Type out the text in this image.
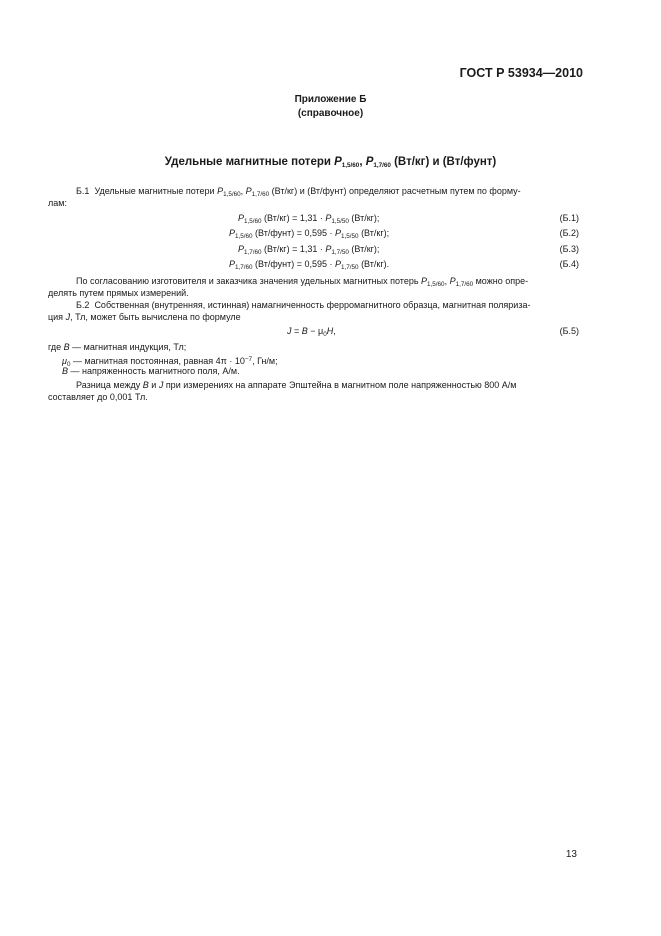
ГОСТ Р 53934—2010
Приложение Б
(справочное)
Удельные магнитные потери $P_{1,5/60}$, $P_{1,7/60}$ (Вт/кг) и (Вт/фунт)
Б.1 Удельные магнитные потери $P_{1,5/60}$, $P_{1,7/60}$ (Вт/кг) и (Вт/фунт) определяют расчетным путем по форму-
лам:
$P_{1,5/60}$ $(Вт/кг) = 1,31 \cdot P_{1,5/50}$ (Вт/кг);	(Б.1)
$P_{1,5/60}$ (Вт/фунт) = $0,595 \cdot P_{1,5/50}$ (Вт/кг);	(Б.2)
$P_{1,7/60}$ $(Вт/кг) = 1,31 \cdot P_{1,7/50}$ (Вт/кг);	(Б.3)
$P_{1,7/60}$ (Вт/фунт) = $0,595 \cdot P_{1,7/50}$ (Вт/кг).	(Б.4)
По согласованию изготовителя и заказчика значения удельных магнитных потерь $P_{1,5/60}$, $P_{1,7/60}$ можно опре-
делять путем прямых измерений.
Б.2 Собственная (внутренняя, истинная) намагниченность ферромагнитного образца, магнитная поляриза-
ция J, Тл, может быть вычислена по формуле
$J = B - \mu_0H$,	(Б.5)
где B — магнитная индукция, Тл;
$\mu_0$ — магнитная постоянная, равная $4\pi \cdot 10^{-7}$, Гн/м;
B — напряженность магнитного поля, А/м.
Разница между B и J при измерениях на аппарате Эпштейна в магнитном поле напряженностью 800 А/м
составляет до 0,001 Тл.
13
